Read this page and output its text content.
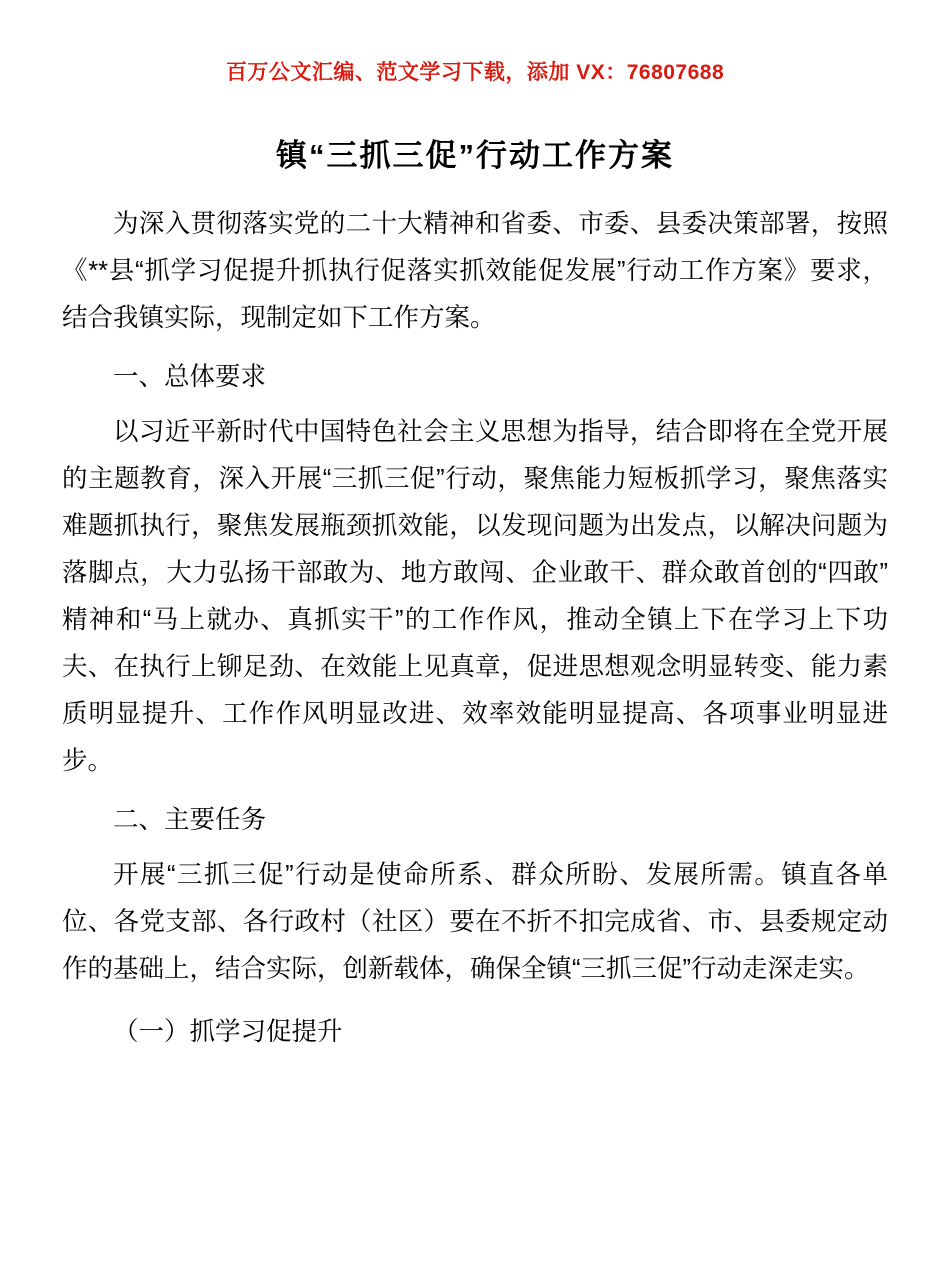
百万公文汇编、范文学习下载，添加 VX：76807688
镇“三抓三促”行动工作方案

为深入贯彻落实党的二十大精神和省委、市委、县委决策部署，按照《**县“抓学习促提升抓执行促落实抓效能促发展”行动工作方案》要求，结合我镇实际，现制定如下工作方案。

一、总体要求

以习近平新时代中国特色社会主义思想为指导，结合即将在全党开展的主题教育，深入开展“三抓三促”行动，聚焦能力短板抓学习，聚焦落实难题抓执行，聚焦发展瓶颈抓效能，以发现问题为出发点，以解决问题为落脚点，大力弘扬干部敢为、地方敢闯、企业敢干、群众敢首创的“四敢”精神和“马上就办、真抓实干”的工作作风，推动全镇上下在学习上下功夫、在执行上铆足劲、在效能上见真章，促进思想观念明显转变、能力素质明显提升、工作作风明显改进、效率效能明显提高、各项事业明显进步。

二、主要任务

开展“三抓三促”行动是使命所系、群众所盼、发展所需。镇直各单位、各党支部、各行政村（社区）要在不折不扣完成省、市、县委规定动作的基础上，结合实际，创新载体，确保全镇“三抓三促”行动走深走实。

（一）抓学习促提升
